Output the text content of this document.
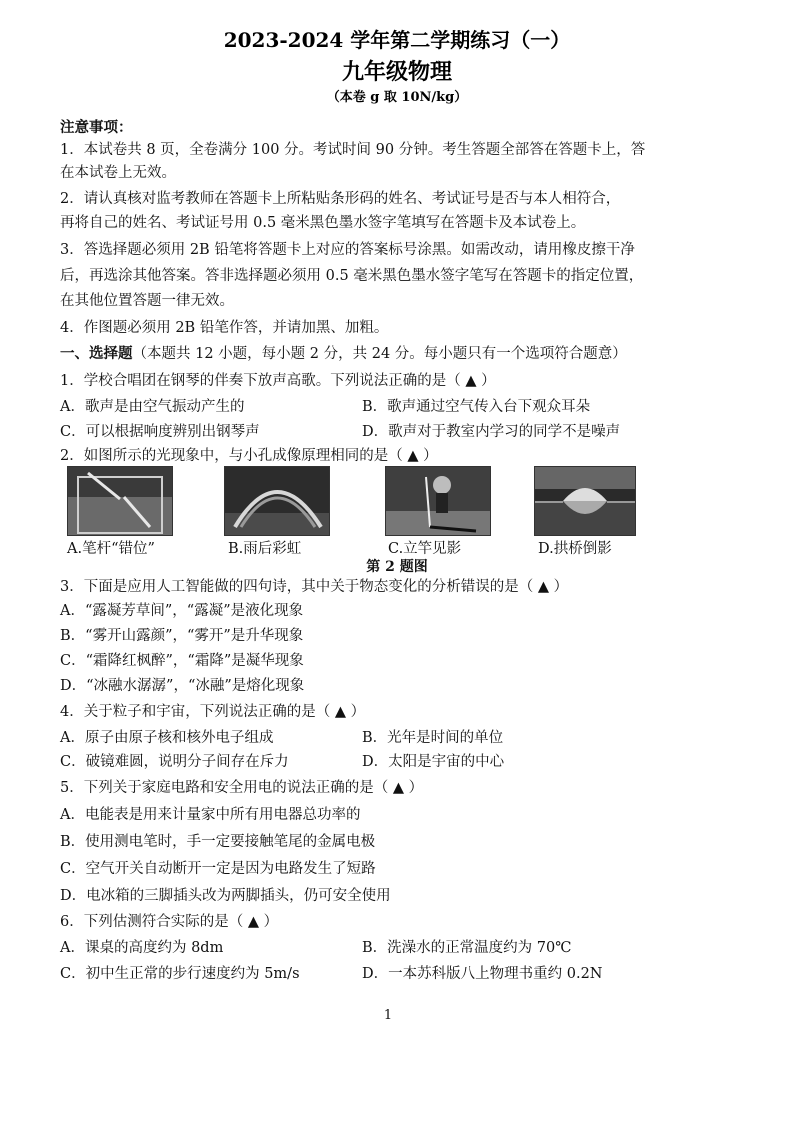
2023-2024 学年第二学期练习（一）
九年级物理
（本卷 g 取 10N/kg）
注意事项：
1．本试卷共 8 页，全卷满分 100 分。考试时间 90 分钟。考生答题全部答在答题卡上，答
在本试卷上无效。
2．请认真核对监考教师在答题卡上所粘贴条形码的姓名、考试证号是否与本人相符合，
再将自己的姓名、考试证号用 0.5 毫米黑色墨水签字笔填写在答题卡及本试卷上。
3．答选择题必须用 2B 铅笔将答题卡上对应的答案标号涂黑。如需改动，请用橡皮擦干净
后，再选涂其他答案。答非选择题必须用 0.5 毫米黑色墨水签字笔写在答题卡的指定位置，
在其他位置答题一律无效。
4．作图题必须用 2B 铅笔作答，并请加黑、加粗。
一、选择题（本题共 12 小题，每小题 2 分，共 24 分。每小题只有一个选项符合题意）
1．学校合唱团在钢琴的伴奏下放声高歌。下列说法正确的是（ ▲ ）
A．歌声是由空气振动产生的	B．歌声通过空气传入台下观众耳朵
C．可以根据响度辨别出钢琴声	D．歌声对于教室内学习的同学不是噪声
2．如图所示的光现象中，与小孔成像原理相同的是（ ▲ ）
A.笔杆“错位”	B.雨后彩虹	C.立竿见影	D.拱桥倒影
第 2 题图
3．下面是应用人工智能做的四句诗，其中关于物态变化的分析错误的是（ ▲ ）
A．“露凝芳草间”，“露凝”是液化现象
B．“雾开山露颜”，“雾开”是升华现象
C．“霜降红枫醉”，“霜降”是凝华现象
D．“冰融水潺潺”，“冰融”是熔化现象
4．关于粒子和宇宙，下列说法正确的是（ ▲ ）
A．原子由原子核和核外电子组成	B．光年是时间的单位
C．破镜难圆，说明分子间存在斥力	D．太阳是宇宙的中心
5．下列关于家庭电路和安全用电的说法正确的是（ ▲ ）
A．电能表是用来计量家中所有用电器总功率的
B．使用测电笔时，手一定要接触笔尾的金属电极
C．空气开关自动断开一定是因为电路发生了短路
D．电冰箱的三脚插头改为两脚插头，仍可安全使用
6．下列估测符合实际的是（ ▲ ）
A．课桌的高度约为 8dm	B．洗澡水的正常温度约为 70℃
C．初中生正常的步行速度约为 5m/s	D．一本苏科版八上物理书重约 0.2N
1
